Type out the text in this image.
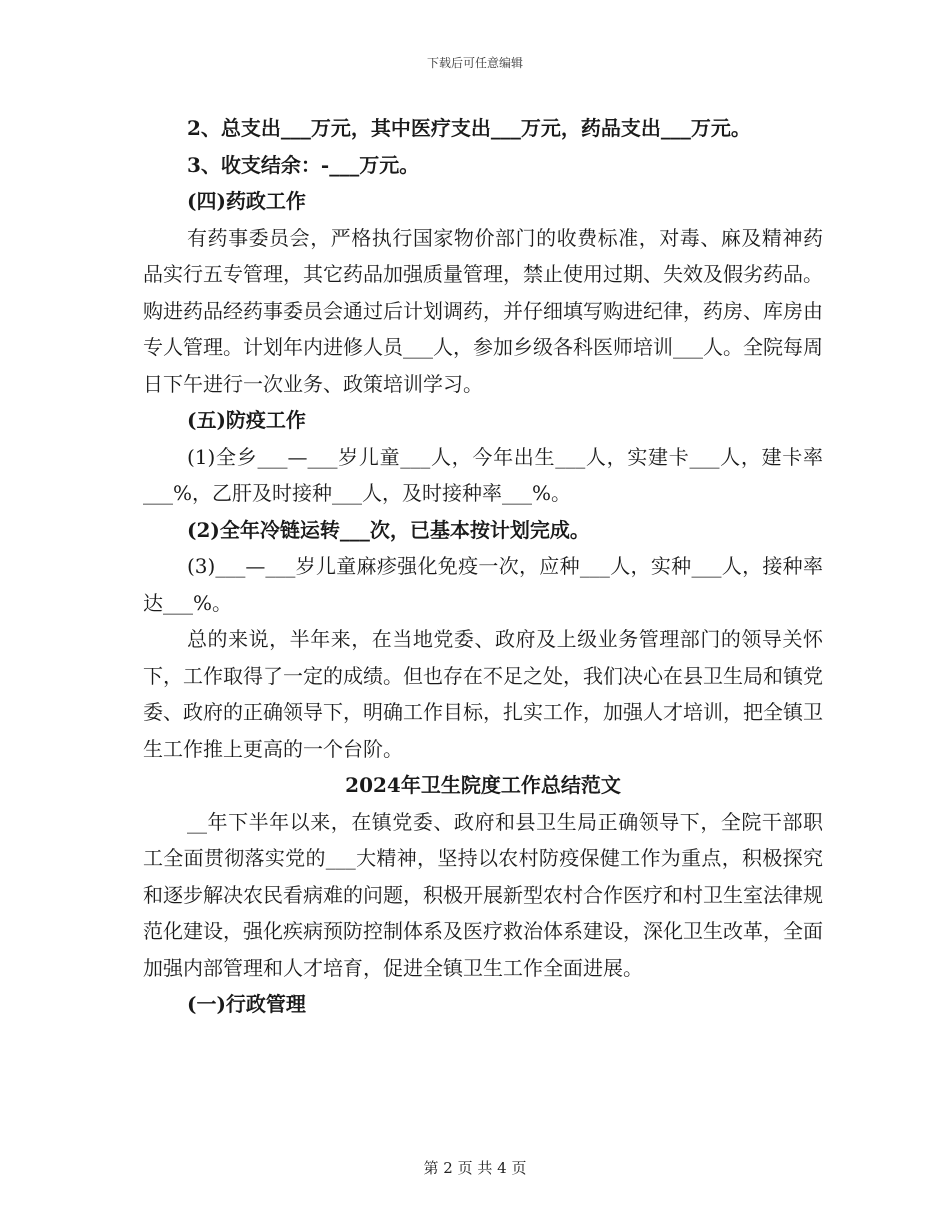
下载后可任意编辑

2、总支出___万元，其中医疗支出___万元，药品支出___万元。

3、收支结余：-___万元。

(四)药政工作

有药事委员会，严格执行国家物价部门的收费标准，对毒、麻及精神药品实行五专管理，其它药品加强质量管理，禁止使用过期、失效及假劣药品。购进药品经药事委员会通过后计划调药，并仔细填写购进纪律，药房、库房由专人管理。计划年内进修人员___人，参加乡级各科医师培训___人。全院每周日下午进行一次业务、政策培训学习。

(五)防疫工作

(1)全乡___—___岁儿童___人，今年出生___人，实建卡___人，建卡率___%，乙肝及时接种___人，及时接种率___%。

(2)全年冷链运转___次，已基本按计划完成。

(3)___—___岁儿童麻疹强化免疫一次，应种___人，实种___人，接种率达___%。

总的来说，半年来，在当地党委、政府及上级业务管理部门的领导关怀下，工作取得了一定的成绩。但也存在不足之处，我们决心在县卫生局和镇党委、政府的正确领导下，明确工作目标，扎实工作，加强人才培训，把全镇卫生工作推上更高的一个台阶。

2024年卫生院度工作总结范文

__年下半年以来，在镇党委、政府和县卫生局正确领导下，全院干部职工全面贯彻落实党的___大精神，坚持以农村防疫保健工作为重点，积极探究和逐步解决农民看病难的问题，积极开展新型农村合作医疗和村卫生室法律规范化建设，强化疾病预防控制体系及医疗救治体系建设，深化卫生改革，全面加强内部管理和人才培育，促进全镇卫生工作全面进展。

(一)行政管理

第 2 页 共 4 页
